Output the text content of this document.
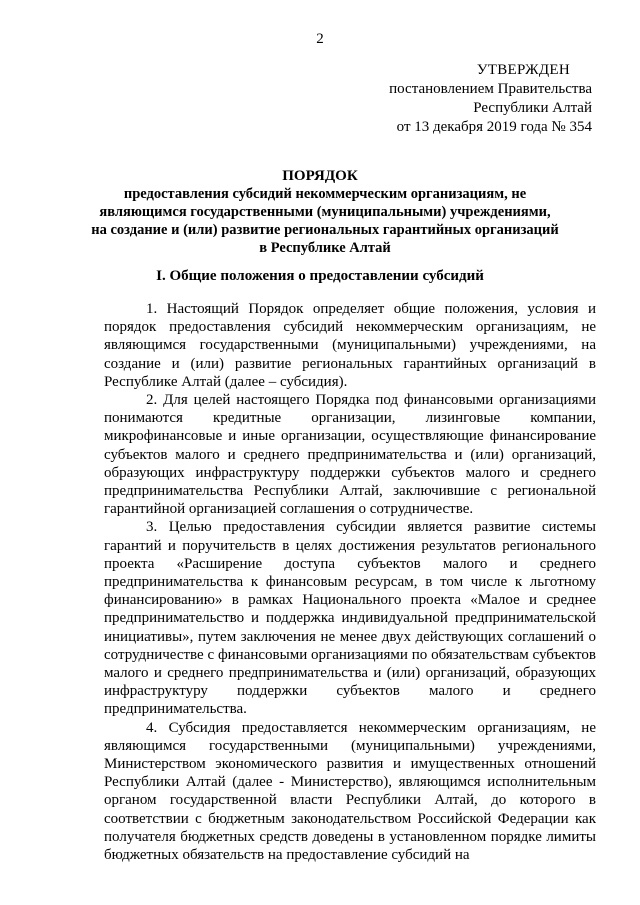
2
УТВЕРЖДЕН
постановлением Правительства
Республики Алтай
от 13 декабря 2019 года № 354
ПОРЯДОК
предоставления субсидий некоммерческим организациям, не являющимся государственными (муниципальными) учреждениями, на создание и (или) развитие региональных гарантийных организаций в Республике Алтай
I. Общие положения о предоставлении субсидий

1. Настоящий Порядок определяет общие положения, условия и порядок предоставления субсидий некоммерческим организациям, не являющимся государственными (муниципальными) учреждениями, на создание и (или) развитие региональных гарантийных организаций в Республике Алтай (далее – субсидия).

2. Для целей настоящего Порядка под финансовыми организациями понимаются кредитные организации, лизинговые компании, микрофинансовые и иные организации, осуществляющие финансирование субъектов малого и среднего предпринимательства и (или) организаций, образующих инфраструктуру поддержки субъектов малого и среднего предпринимательства Республики Алтай, заключившие с региональной гарантийной организацией соглашения о сотрудничестве.

3. Целью предоставления субсидии является развитие системы гарантий и поручительств в целях достижения результатов регионального проекта «Расширение доступа субъектов малого и среднего предпринимательства к финансовым ресурсам, в том числе к льготному финансированию» в рамках Национального проекта «Малое и среднее предпринимательство и поддержка индивидуальной предпринимательской инициативы», путем заключения не менее двух действующих соглашений о сотрудничестве с финансовыми организациями по обязательствам субъектов малого и среднего предпринимательства и (или) организаций, образующих инфраструктуру поддержки субъектов малого и среднего предпринимательства.

4. Субсидия предоставляется некоммерческим организациям, не являющимся государственными (муниципальными) учреждениями, Министерством экономического развития и имущественных отношений Республики Алтай (далее - Министерство), являющимся исполнительным органом государственной власти Республики Алтай, до которого в соответствии с бюджетным законодательством Российской Федерации как получателя бюджетных средств доведены в установленном порядке лимиты бюджетных обязательств на предоставление субсидий на
